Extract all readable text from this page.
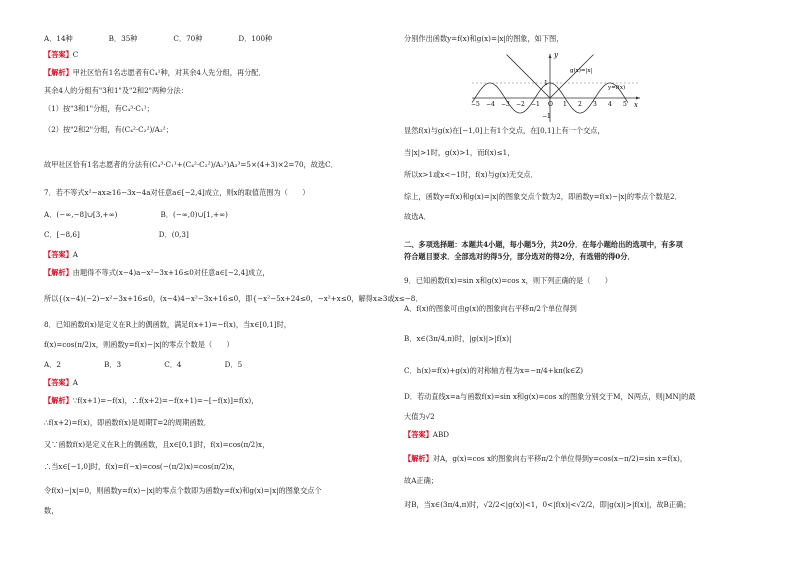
A．14种　　　　　B．35种　　　　　C．70种　　　　　D．100种
【答案】C
【解析】甲社区恰有1名志愿者有C₄¹种，对其余4人先分组，再分配．
其余4人的分组有"3和1"及"2和2"两种分法：
（1）按"3和1"分组，有C₄³·C₁¹；
（2）按"2和2"分组，有(C₄²·C₂²)/A₂²；
故甲社区恰有1名志愿者的分法有(C₄³·C₁¹+(C₄²·C₂²)/A₂²)A₃³=5×(4+3)×2=70，故选C．
7．若不等式x²−ax≥16−3x−4a对任意a∈[−2,4]成立，则x的取值范围为（　　）
A．(−∞,−8]∪[3,+∞)　　　　　　B．(−∞,0)∪[1,+∞)
C．[−8,6]　　　　　　　　　　　D．(0,3]
【答案】A
【解析】由题得不等式(x−4)a−x²−3x+16≤0对任意a∈[−2,4]成立，
所以{(x−4)(−2)−x²−3x+16≤0，(x−4)4−x²−3x+16≤0，即{−x²−5x+24≤0，−x²+x≤0，解得x≥3或x≤−8．
8．已知函数f(x)是定义在R上的偶函数，满足f(x+1)=−f(x)，当x∈[0,1]时，
f(x)=cos(π/2)x，则函数y=f(x)−|x|的零点个数是（　　）
A．2　　　　　　B．3　　　　　　C．4　　　　　　D．5
【答案】A
【解析】∵f(x+1)=−f(x)，∴f(x+2)=−f(x+1)=−[−f(x)]=f(x)，
∴f(x+2)=f(x)，即函数f(x)是周期T=2的周期函数．
又∵函数f(x)是定义在R上的偶函数，且x∈[0,1]时，f(x)=cos(π/2)x，
∴当x∈[−1,0]时，f(x)=f(−x)=cos(−(π/2)x)=cos(π/2)x，
令f(x)−|x|=0，则函数y=f(x)−|x|的零点个数即为函数y=f(x)和g(x)=|x|的图象交点个
数，
分别作出函数y=f(x)和g(x)=|x|的图象，如下图，
显然f(x)与g(x)在[−1,0]上有1个交点，在[0,1]上有一个交点，
当|x|>1时，g(x)>1，而f(x)≤1，
所以x>1或x<−1时，f(x)与g(x)无交点．
综上，函数y=f(x)和g(x)=|x|的图象交点个数为2，即函数y=f(x)−|x|的零点个数是2．
故选A．
二、多项选择题：本题共4小题，每小题5分，共20分．在每小题给出的选项中，有多项
符合题目要求．全部选对的得5分，部分选对的得2分，有选错的得0分．
9．已知函数f(x)=sin x和g(x)=cos x，则下列正确的是（　　）
A．f(x)的图象可由g(x)的图象向右平移π/2个单位得到
B．x∈(3π/4,π)时，|g(x)|>|f(x)|
C．h(x)=f(x)+g(x)的对称轴方程为x=−π/4+kπ(k∈Z)
D．若动直线x=a与函数f(x)=sin x和g(x)=cos x的图象分别交于M，N两点，则|MN|的最
大值为√2
【答案】ABD
【解析】对A，g(x)=cos x的图象向右平移π/2个单位得到y=cos(x−π/2)=sin x=f(x)，
故A正确；
对B，当x∈(3π/4,π)时，√2/2<|g(x)|<1，0<|f(x)|<√2/2，即|g(x)|>|f(x)|，故B正确；
y
x
1
−1
g(x)=|x|
y=f(x)
−5 −4 −3 −2 −1 O 1 2 3 4 5
